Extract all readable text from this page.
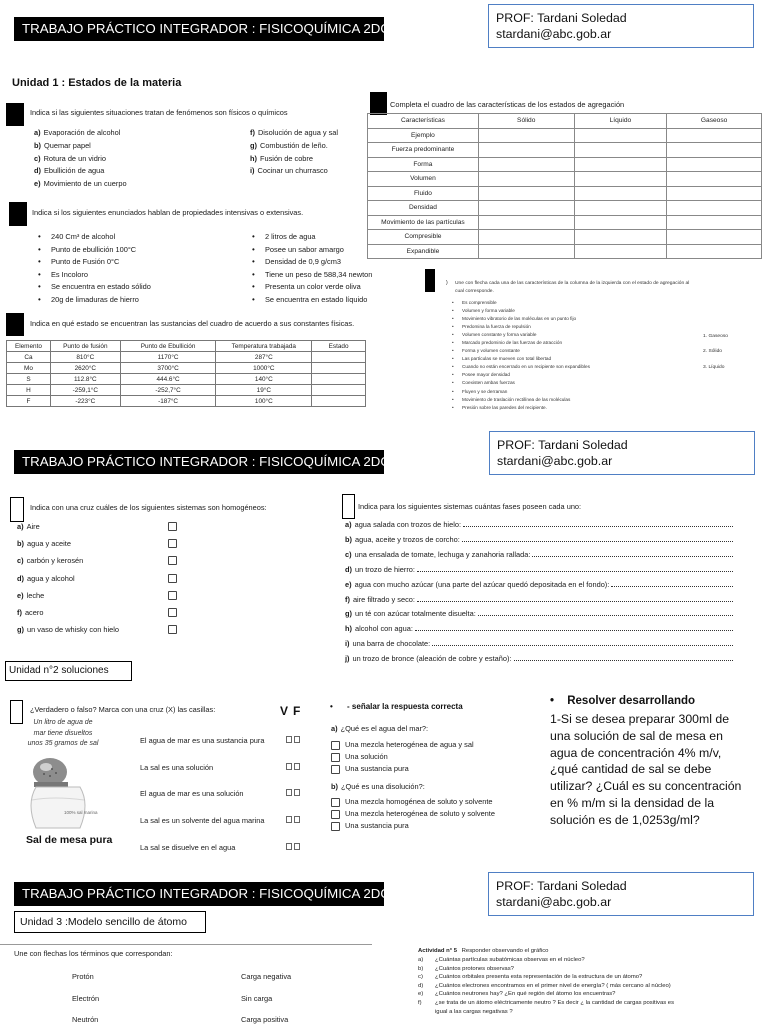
TRABAJO PRÁCTICO INTEGRADOR : FISICOQUÍMICA 2DO AÑO
PROF: Tardani Soledad
stardani@abc.gob.ar
Unidad 1 : Estados de la materia
Indica si las siguientes situaciones tratan de fenómenos son físicos o químicos
a) Evaporación de alcohol
b) Quemar papel
c) Rotura de un vidrio
d) Ebullición de agua
e) Movimiento de un cuerpo
f) Disolución de agua y sal
g) Combustión de leño.
h) Fusión de cobre
i) Cocinar un churrasco
Indica si los siguientes enunciados hablan de propiedades intensivas o extensivas.
• 240 Cm³ de alcohol
• Punto de ebullición 100°C
• Punto de Fusión 0°C
• Es Incoloro
• Se encuentra en estado sólido
• 20g de limaduras de hierro
• 2 litros de agua
• Posee un sabor amargo
• Densidad de 0,9 g/cm3
• Tiene un peso de 588,34 newton
• Presenta un color verde oliva
• Se encuentra en estado líquido
Indica en qué estado se encuentran las sustancias del cuadro de acuerdo a sus constantes físicas.
Elemento	Punto de fusión	Punto de Ebullición	Temperatura trabajada	Estado
Ca	810°C	1170°C	287°C	
Mo	2620°C	3700°C	1000°C	
S	112.8°C	444.6°C	140°C	
H	-259,1°C	-252,7°C	19°C	
F	-223°C	-187°C	100°C	
Completa el cuadro de las características de los estados de agregación
Características	Sólido	Líquido	Gaseoso
Ejemplo			
Fuerza predominante			
Forma			
Volumen			
Fluido			
Densidad			
Movimiento de las partículas			
Compresible			
Expandible			
) Une con flecha cada una de las características de la columna de la izquierda con el estado de agregación al
cual corresponde.
• Es comprensible
• Volumen y forma variable
• Movimiento vibratorio de las moléculas en un punto fijo
• Predomina la fuerza de repulsión
• Volumen constante y forma variable
• Marcado predominio de las fuerzas de atracción
• Forma y volumen constante
• Las partículas se mueven con total libertad
• Cuando no están encerrado en un recipiente son expandibles
• Posee mayor densidad
• Coexisten ambas fuerzas
• Fluyen y se derraman
• Movimiento de traslación rectilínea de las moléculas
• Presión sobre las paredes del recipiente.
1. Gaseoso
2. Sólido
3. Líquido
TRABAJO PRÁCTICO INTEGRADOR : FISICOQUÍMICA 2DO AÑO
PROF: Tardani Soledad
stardani@abc.gob.ar
Indica con una cruz cuáles de los siguientes sistemas son homogéneos:
a) Aire
b) agua y aceite
c) carbón y kerosén
d) agua y alcohol
e) leche
f) acero
g) un vaso de whisky con hielo
Indica para los siguientes sistemas cuántas fases poseen cada uno:
a) agua salada con trozos de hielo:
b) agua, aceite y trozos de corcho:
c) una ensalada de tomate, lechuga y zanahoria rallada:
d) un trozo de hierro:
e) agua con mucho azúcar (una parte del azúcar quedó depositada en el fondo):
f) aire filtrado y seco:
g) un té con azúcar totalmente disuelta:
h) alcohol con agua:
i) una barra de chocolate:
j) un trozo de bronce (aleación de cobre y estaño):
Unidad n°2 soluciones
¿Verdadero o falso? Marca con una cruz (X) las casillas:	V F
Un litro de agua de
mar tiene disueltos
unos 35 gramos de sal
100% sal marina
Sal de mesa pura
El agua de mar es una sustancia pura
La sal es una solución
El agua de mar es una solución
La sal es un solvente del agua marina
La sal se disuelve en el agua
• - señalar la respuesta correcta
a) ¿Qué es el agua del mar?:
Una mezcla heterogénea de agua y sal
Una solución
Una sustancia pura
b) ¿Qué es una disolución?:
Una mezcla homogénea de soluto y solvente
Una mezcla heterogénea de soluto y solvente
Una sustancia pura
• Resolver desarrollando
1-Si se desea preparar 300ml de
una solución de sal de mesa en
agua de concentración 4% m/v,
¿qué cantidad de sal se debe
utilizar? ¿Cuál es su concentración
en % m/m si la densidad de la
solución es de 1,0253g/ml?
TRABAJO PRÁCTICO INTEGRADOR : FISICOQUÍMICA 2DO AÑO	PROF: Tardani Soledad
stardani@abc.gob.ar
Unidad 3 :Modelo sencillo de átomo
Une con flechas los términos que correspondan:
Protón
Electrón
Neutrón
Carga negativa
Sin carga
Carga positiva
Actividad n° 5 Responder observando el gráfico
a) ¿Cuántas partículas subatómicas observas en el núcleo?
b) ¿Cuántos protones observas?
c) ¿Cuántos orbitales presenta esta representación de la estructura de un átomo?
d) ¿Cuántos electrones encontramos en el primer nivel de energía? ( más cercano al núcleo)
e) ¿Cuántos neutrones hay? ¿En qué región del átomo los encuentras?
f) ¿se trata de un átomo eléctricamente neutro ? Es decir ¿ la cantidad de cargas positivas es
igual a las cargas negativas ?
